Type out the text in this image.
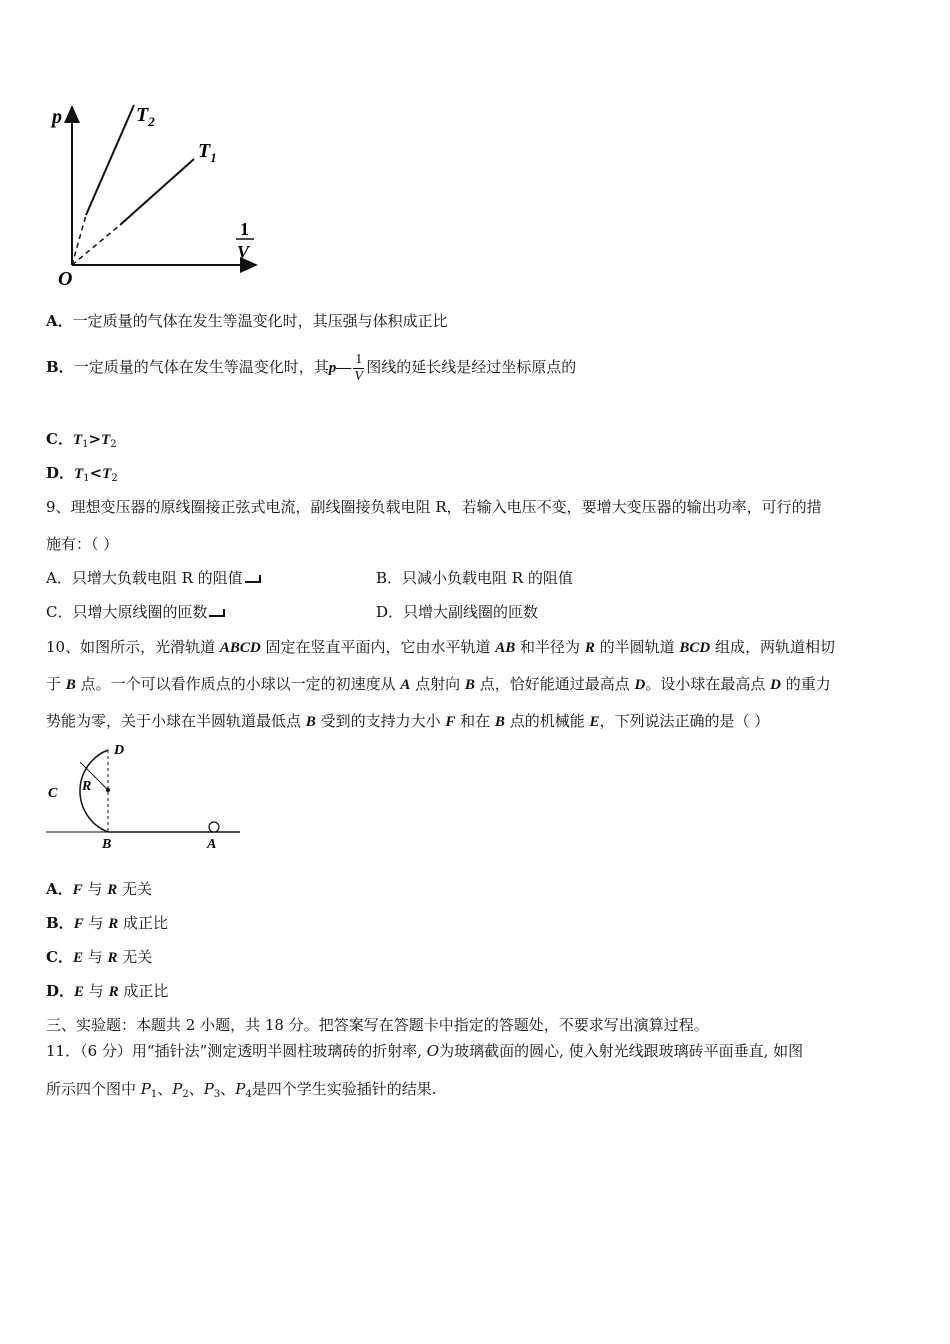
p	$T_2$
$T_1$
1
V
O
A．一定质量的气体在发生等温变化时，其压强与体积成正比
B．一定质量的气体在发生等温变化时，其p— $\frac{1}{V}$ 图线的延长线是经过坐标原点的
C．$T_1>T_2$
D．$T_1<T_2$
9、理想变压器的原线圈接正弦式电流，副线圈接负载电阻 R，若输入电压不变，要增大变压器的输出功率，可行的措
施有：（ ）
A．只增大负载电阻 R 的阻值	B．只减小负载电阻 R 的阻值
C．只增大原线圈的匝数	D．只增大副线圈的匝数
10、如图所示，光滑轨道 ABCD 固定在竖直平面内，它由水平轨道 AB 和半径为 R 的半圆轨道 BCD 组成，两轨道相切
于 B 点。一个可以看作质点的小球以一定的初速度从 A 点射向 B 点，恰好能通过最高点 D。设小球在最高点 D 的重力
势能为零，关于小球在半圆轨道最低点 B 受到的支持力大小 F 和在 B 点的机械能 E，下列说法正确的是（ ）
D
C R
B	A
A．F 与 R 无关
B．F 与 R 成正比
C．E 与 R 无关
D．E 与 R 成正比
三、实验题：本题共 2 小题，共 18 分。把答案写在答题卡中指定的答题处，不要求写出演算过程。
11．（6 分）用“插针法”测定透明半圆柱玻璃砖的折射率, O为玻璃截面的圆心, 使入射光线跟玻璃砖平面垂直, 如图
所示四个图中 $P_1$、$P_2$、$P_3$、$P_4$是四个学生实验插针的结果.
